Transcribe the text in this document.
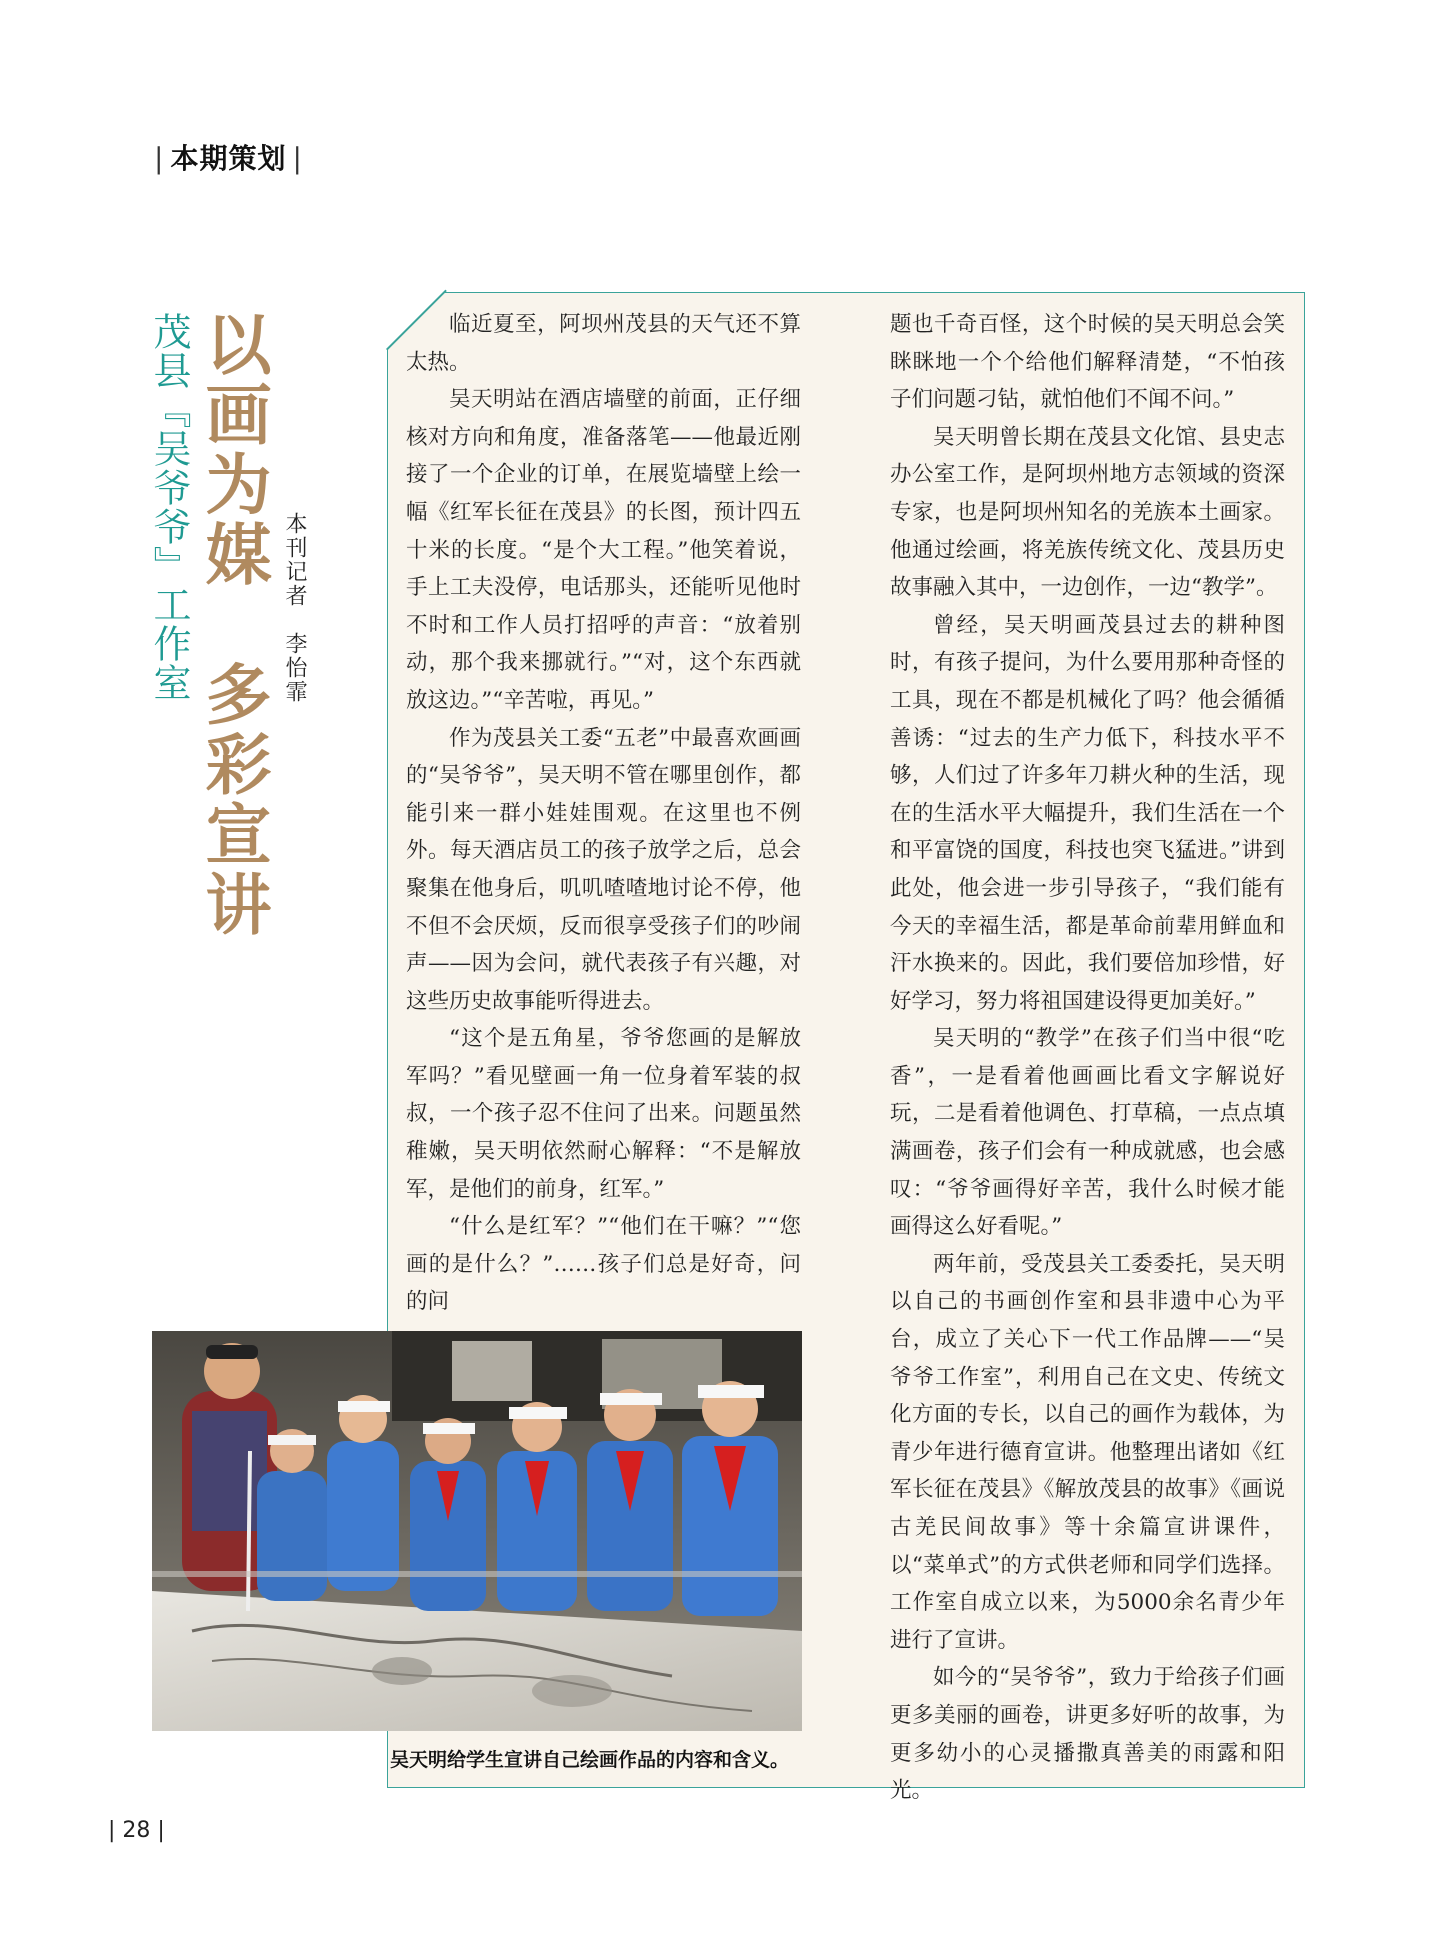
| 本期策划 |
以画为媒　多彩宣讲
茂县『吴爷爷』工作室	本刊记者　李怡霏

临近夏至，阿坝州茂县的天气还不算太热。

吴天明站在酒店墙壁的前面，正仔细核对方向和角度，准备落笔——他最近刚接了一个企业的订单，在展览墙壁上绘一幅《红军长征在茂县》的长图，预计四五十米的长度。“是个大工程。”他笑着说，手上工夫没停，电话那头，还能听见他时不时和工作人员打招呼的声音：“放着别动，那个我来挪就行。”“对，这个东西就放这边。”“辛苦啦，再见。”

作为茂县关工委“五老”中最喜欢画画的“吴爷爷”，吴天明不管在哪里创作，都能引来一群小娃娃围观。在这里也不例外。每天酒店员工的孩子放学之后，总会聚集在他身后，叽叽喳喳地讨论不停，他不但不会厌烦，反而很享受孩子们的吵闹声——因为会问，就代表孩子有兴趣，对这些历史故事能听得进去。

“这个是五角星，爷爷您画的是解放军吗？”看见壁画一角一位身着军装的叔叔，一个孩子忍不住问了出来。问题虽然稚嫩，吴天明依然耐心解释：“不是解放军，是他们的前身，红军。”

“什么是红军？”“他们在干嘛？”“您画的是什么？”……孩子们总是好奇，问的问

题也千奇百怪，这个时候的吴天明总会笑眯眯地一个个给他们解释清楚，“不怕孩子们问题刁钻，就怕他们不闻不问。”

吴天明曾长期在茂县文化馆、县史志办公室工作，是阿坝州地方志领域的资深专家，也是阿坝州知名的羌族本土画家。他通过绘画，将羌族传统文化、茂县历史故事融入其中，一边创作，一边“教学”。

曾经，吴天明画茂县过去的耕种图时，有孩子提问，为什么要用那种奇怪的工具，现在不都是机械化了吗？他会循循善诱：“过去的生产力低下，科技水平不够，人们过了许多年刀耕火种的生活，现在的生活水平大幅提升，我们生活在一个和平富饶的国度，科技也突飞猛进。”讲到此处，他会进一步引导孩子，“我们能有今天的幸福生活，都是革命前辈用鲜血和汗水换来的。因此，我们要倍加珍惜，好好学习，努力将祖国建设得更加美好。”

吴天明的“教学”在孩子们当中很“吃香”，一是看着他画画比看文字解说好玩，二是看着他调色、打草稿，一点点填满画卷，孩子们会有一种成就感，也会感叹：“爷爷画得好辛苦，我什么时候才能画得这么好看呢。”

两年前，受茂县关工委委托，吴天明以自己的书画创作室和县非遗中心为平台，成立了关心下一代工作品牌——“吴爷爷工作室”，利用自己在文史、传统文化方面的专长，以自己的画作为载体，为青少年进行德育宣讲。他整理出诸如《红军长征在茂县》《解放茂县的故事》《画说古羌民间故事》等十余篇宣讲课件，以“菜单式”的方式供老师和同学们选择。工作室自成立以来，为5000余名青少年进行了宣讲。

如今的“吴爷爷”，致力于给孩子们画更多美丽的画卷，讲更多好听的故事，为更多幼小的心灵播撒真善美的雨露和阳光。

吴天明给学生宣讲自己绘画作品的内容和含义。
| 28 |
